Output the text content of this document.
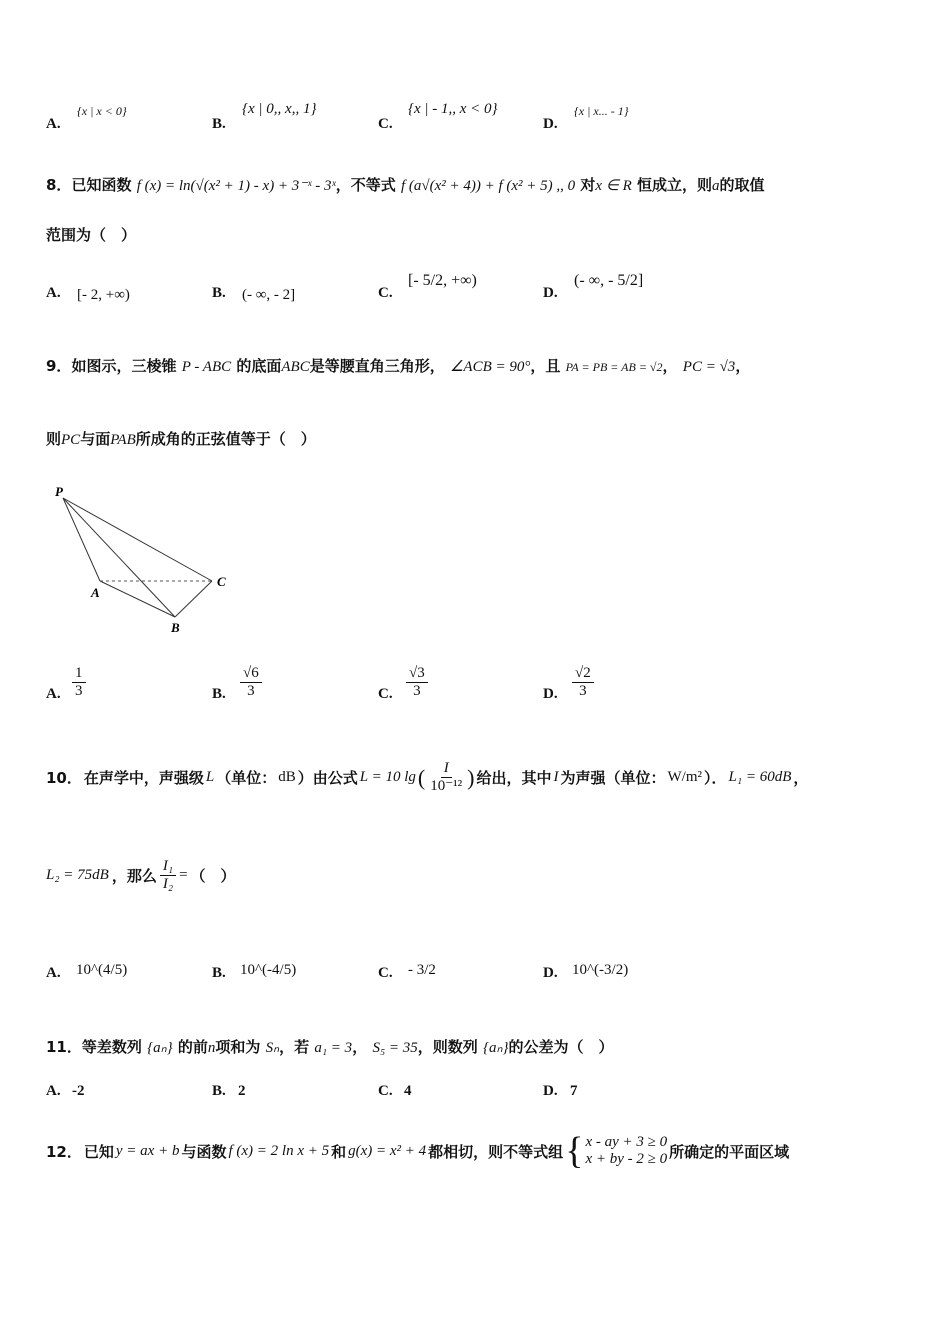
A.
{x | x < 0}
B.
{x | 0,, x,, 1}
C.
{x | - 1,, x < 0}
D.
{x | x... - 1}
8．已知函数 f (x) = ln(√(x² + 1) - x) + 3⁻ˣ - 3ˣ，不等式 f (a√(x² + 4)) + f (x² + 5) ,, 0 对x ∈ R 恒成立，则a的取值
范围为（　）
A. [- 2, +∞)	B. (- ∞, - 2]	C.
[- 5/2, +∞)
D.
(- ∞, - 5/2]
9．如图示，三棱锥 P - ABC 的底面ABC是等腰直角三角形， ∠ACB = 90°，且 PA = PB = AB = √2， PC = √3，
则PC与面PAB所成角的正弦值等于（　）
P
A
B
C
A. $\frac{1}{3}$	B. $\frac{√6}{3}$	C. $\frac{√3}{3}$	D. $\frac{√2}{3}$
10． 在声学中，声强级 L （单位： dB ）由公式 L = 10 lg ( $\frac{I}{\text{10⁻¹²}}$ ) 给出，其中 I 为声强（单位： W/m² ）． L₁ = 60dB ，
L₂ = 75dB ，那么 $\frac{\text{I₁}}{\text{I₂}}$ = （　）
A. 10^(4/5)	B. 10^(-4/5)	C. - 3/2	D. 10^(-3/2)
11．等差数列 {aₙ} 的前n项和为 Sₙ，若 a₁ = 3， S₅ = 35，则数列 {aₙ}的公差为（　）
A. -2	B. 2	C. 4	D. 7
12． 已知 y = ax + b 与函数 f (x) = 2 ln x + 5 和 g(x) = x² + 4 都相切，则不等式组 { x - ay + 3 ≥ 0
x + by - 2 ≥ 0 所确定的平面区域
